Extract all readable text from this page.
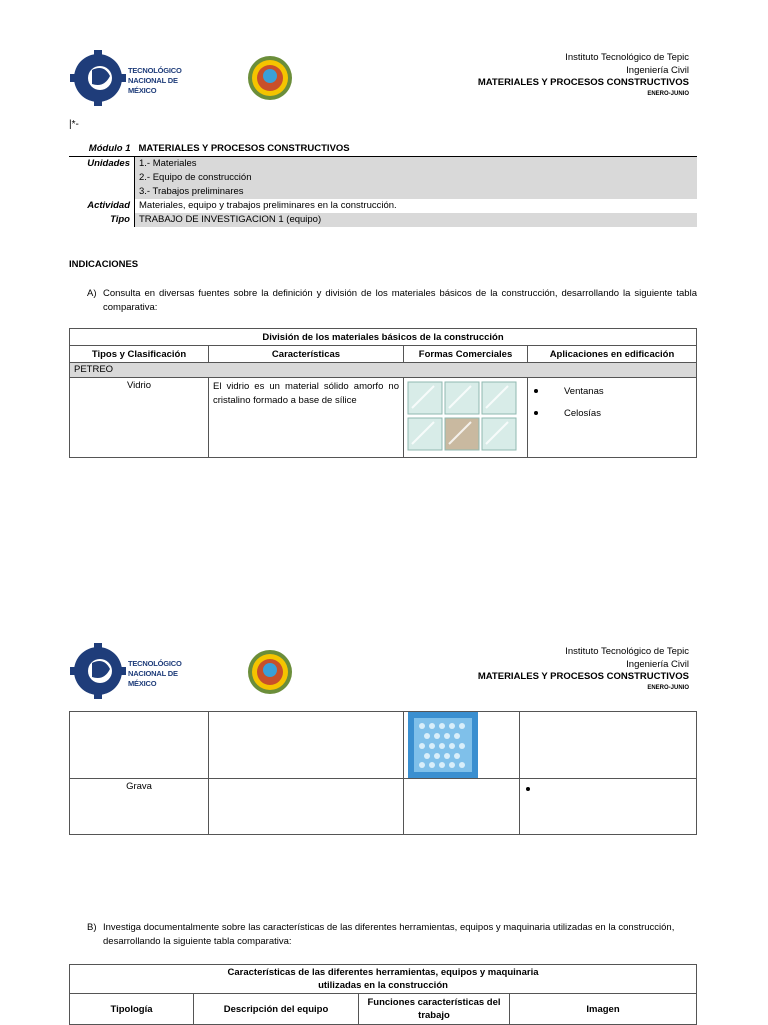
TECNOLÓGICO
NACIONAL DE MÉXICO
Instituto Tecnológico de Tepic
Ingeniería Civil
MATERIALES Y PROCESOS CONSTRUCTIVOS
ENERO-JUNIO
|*-
Módulo 1	MATERIALES Y PROCESOS CONSTRUCTIVOS
Unidades	1.- Materiales
	2.- Equipo de construcción
	3.- Trabajos preliminares
Actividad	Materiales, equipo y trabajos preliminares en la construcción.
Tipo	TRABAJO DE INVESTIGACION 1 (equipo)
INDICACIONES
A) Consulta en diversas fuentes sobre la definición y división de los materiales básicos de la construcción, desarrollando la siguiente tabla comparativa:
División de los materiales básicos de la construcción			
Tipos y Clasificación	Características	Formas Comerciales	Aplicaciones en edificación
PETREO			
Vidrio	El vidrio es un material sólido amorfo no cristalino formado a base de sílice		Ventanas
Celosías
TECNOLÓGICO
NACIONAL DE MÉXICO
Instituto Tecnológico de Tepic
Ingeniería Civil
MATERIALES Y PROCESOS CONSTRUCTIVOS
ENERO-JUNIO

Grava			
B) Investiga documentalmente sobre las características de las diferentes herramientas, equipos y maquinaria utilizadas en la construcción, desarrollando la siguiente tabla comparativa:
Características de las diferentes herramientas, equipos y maquinaria
utilizadas en la construcción
Tipología	Descripción del equipo	Funciones características del trabajo	Imagen
